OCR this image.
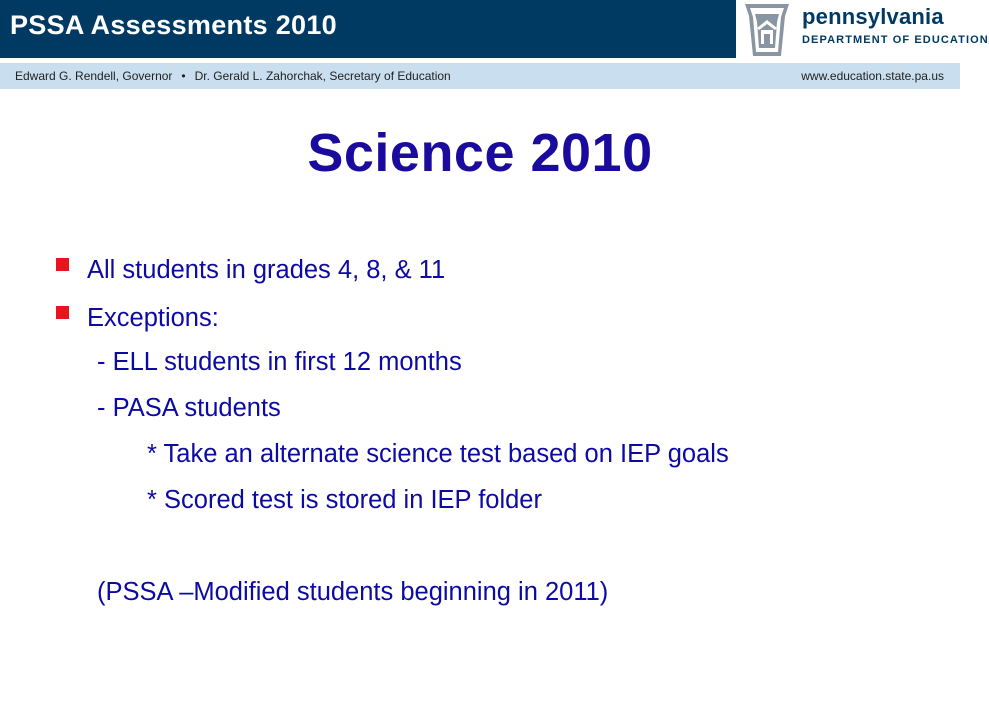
PSSA Assessments 2010	pennsylvania
DEPARTMENT OF EDUCATION
Edward G. Rendell, Governor • Dr. Gerald L. Zahorchak, Secretary of Education	www.education.state.pa.us
Science 2010
All students in grades 4, 8, & 11
Exceptions:
- ELL students in first 12 months
- PASA students
* Take an alternate science test based on IEP goals
* Scored test is stored in IEP folder
(PSSA –Modified students beginning in 2011)
